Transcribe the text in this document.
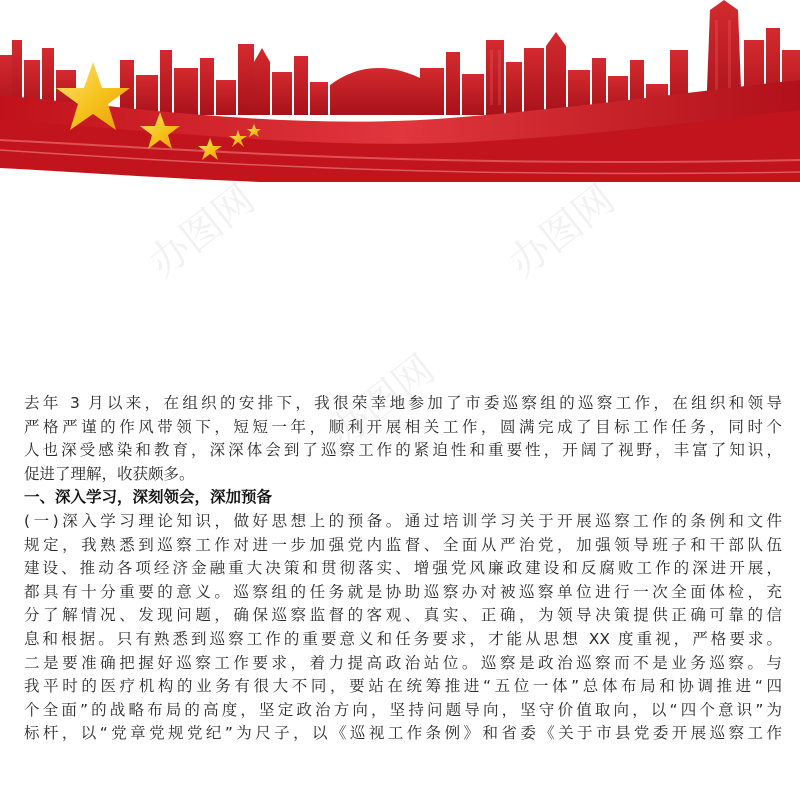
办图网	办图网
办图网
去年 3 月以来，在组织的安排下，我很荣幸地参加了市委巡察组的巡察工作，在组织和领导
严格严谨的作风带领下，短短一年，顺利开展相关工作，圆满完成了目标工作任务，同时个
人也深受感染和教育，深深体会到了巡察工作的紧迫性和重要性，开阔了视野，丰富了知识，
促进了理解，收获颇多。
一、深入学习，深刻领会，深加预备
(一)深入学习理论知识，做好思想上的预备。通过培训学习关于开展巡察工作的条例和文件
规定，我熟悉到巡察工作对进一步加强党内监督、全面从严治党，加强领导班子和干部队伍
建设、推动各项经济金融重大决策和贯彻落实、增强党风廉政建设和反腐败工作的深进开展，
都具有十分重要的意义。巡察组的任务就是协助巡察办对被巡察单位进行一次全面体检，充
分了解情况、发现问题，确保巡察监督的客观、真实、正确，为领导决策提供正确可靠的信
息和根据。只有熟悉到巡察工作的重要意义和任务要求，才能从思想 XX 度重视，严格要求。
二是要准确把握好巡察工作要求，着力提高政治站位。巡察是政治巡察而不是业务巡察。与
我平时的医疗机构的业务有很大不同，要站在统筹推进“五位一体”总体布局和协调推进“四
个全面”的战略布局的高度，坚定政治方向，坚持问题导向，坚守价值取向，以“四个意识”为
标杆，以“党章党规党纪”为尺子，以《巡视工作条例》和省委《关于市县党委开展巡察工作
